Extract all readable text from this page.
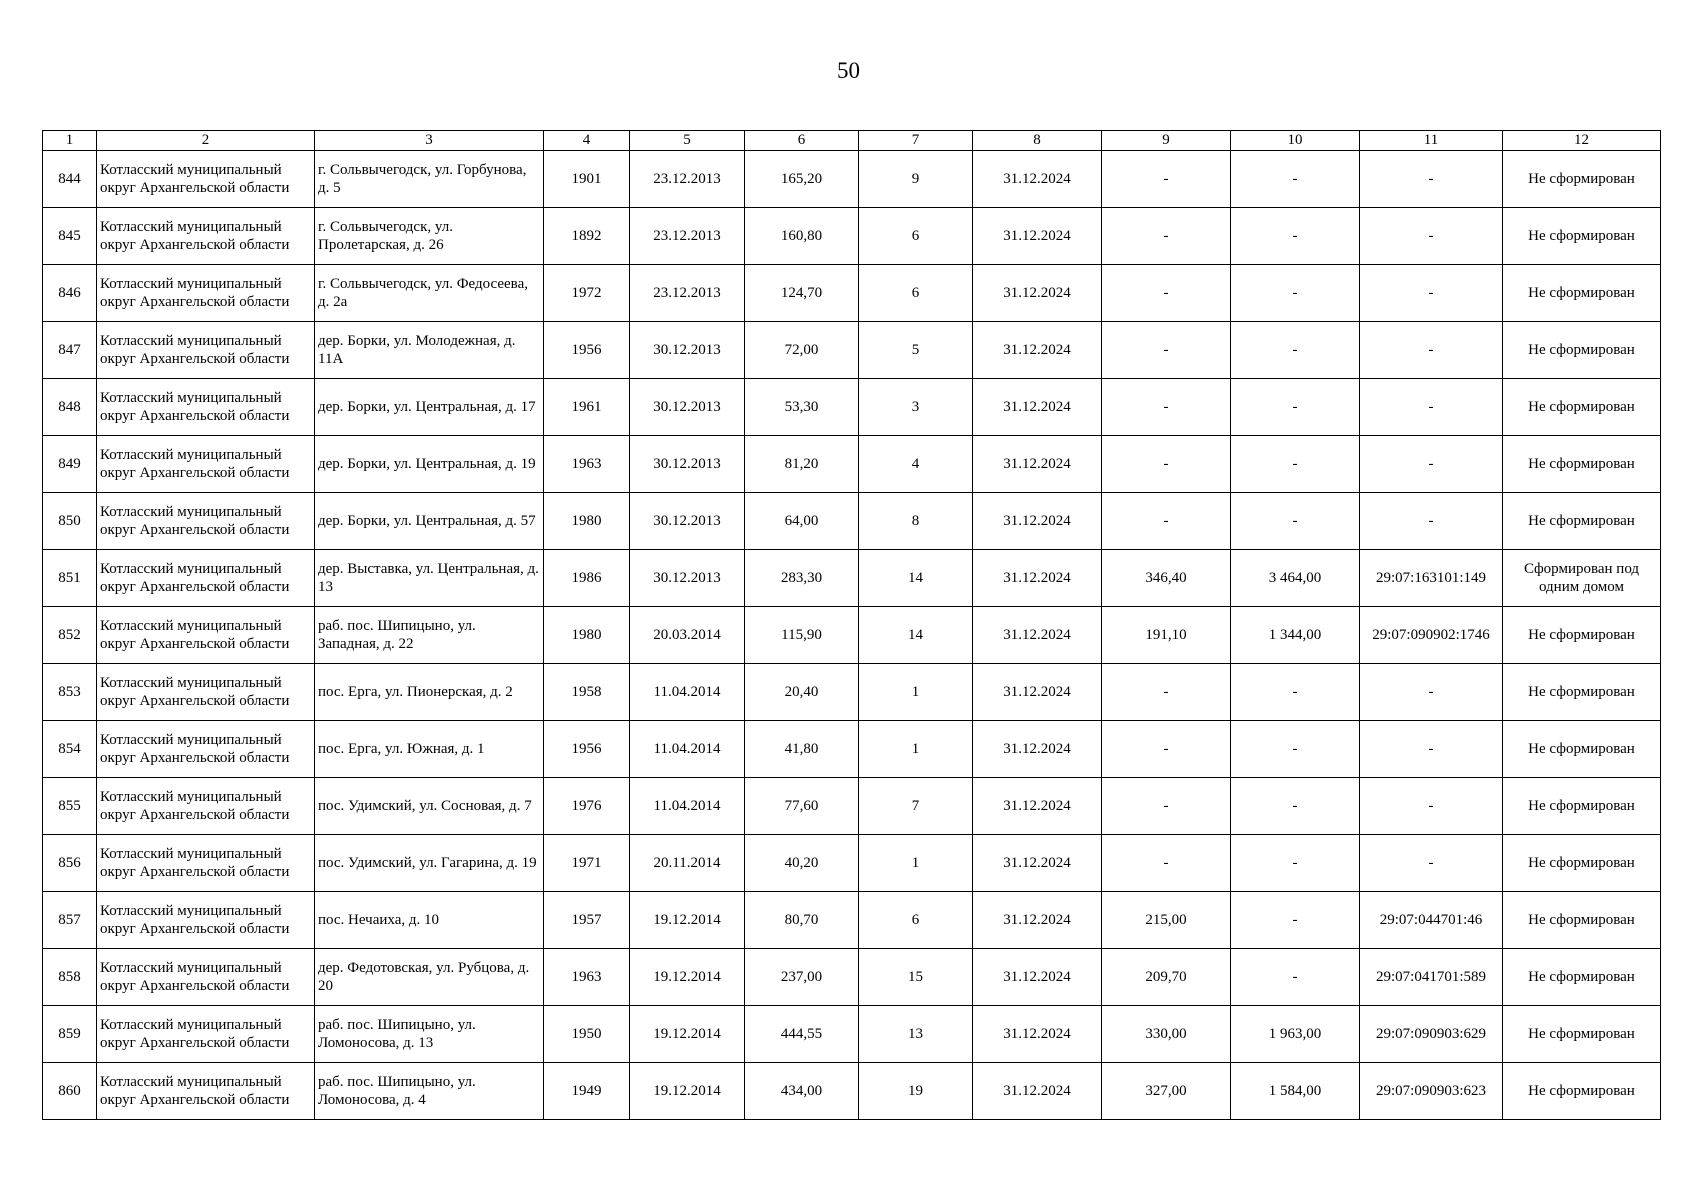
50
1	2	3	4	5	6	7	8	9	10	11	12
844	Котласский муниципальный округ Архангельской области	г. Сольвычегодск, ул. Горбунова, д. 5	1901	23.12.2013	165,20	9	31.12.2024	-	-	-	Не сформирован
845	Котласский муниципальный округ Архангельской области	г. Сольвычегодск, ул. Пролетарская, д. 26	1892	23.12.2013	160,80	6	31.12.2024	-	-	-	Не сформирован
846	Котласский муниципальный округ Архангельской области	г. Сольвычегодск, ул. Федосеева, д. 2а	1972	23.12.2013	124,70	6	31.12.2024	-	-	-	Не сформирован
847	Котласский муниципальный округ Архангельской области	дер. Борки, ул. Молодежная, д. 11А	1956	30.12.2013	72,00	5	31.12.2024	-	-	-	Не сформирован
848	Котласский муниципальный округ Архангельской области	дер. Борки, ул. Центральная, д. 17	1961	30.12.2013	53,30	3	31.12.2024	-	-	-	Не сформирован
849	Котласский муниципальный округ Архангельской области	дер. Борки, ул. Центральная, д. 19	1963	30.12.2013	81,20	4	31.12.2024	-	-	-	Не сформирован
850	Котласский муниципальный округ Архангельской области	дер. Борки, ул. Центральная, д. 57	1980	30.12.2013	64,00	8	31.12.2024	-	-	-	Не сформирован
851	Котласский муниципальный округ Архангельской области	дер. Выставка, ул. Центральная, д. 13	1986	30.12.2013	283,30	14	31.12.2024	346,40	3 464,00	29:07:163101:149	Сформирован под одним домом
852	Котласский муниципальный округ Архангельской области	раб. пос. Шипицыно, ул. Западная, д. 22	1980	20.03.2014	115,90	14	31.12.2024	191,10	1 344,00	29:07:090902:1746	Не сформирован
853	Котласский муниципальный округ Архангельской области	пос. Ерга, ул. Пионерская, д. 2	1958	11.04.2014	20,40	1	31.12.2024	-	-	-	Не сформирован
854	Котласский муниципальный округ Архангельской области	пос. Ерга, ул. Южная, д. 1	1956	11.04.2014	41,80	1	31.12.2024	-	-	-	Не сформирован
855	Котласский муниципальный округ Архангельской области	пос. Удимский, ул. Сосновая, д. 7	1976	11.04.2014	77,60	7	31.12.2024	-	-	-	Не сформирован
856	Котласский муниципальный округ Архангельской области	пос. Удимский, ул. Гагарина, д. 19	1971	20.11.2014	40,20	1	31.12.2024	-	-	-	Не сформирован
857	Котласский муниципальный округ Архангельской области	пос. Нечаиха, д. 10	1957	19.12.2014	80,70	6	31.12.2024	215,00	-	29:07:044701:46	Не сформирован
858	Котласский муниципальный округ Архангельской области	дер. Федотовская, ул. Рубцова, д. 20	1963	19.12.2014	237,00	15	31.12.2024	209,70	-	29:07:041701:589	Не сформирован
859	Котласский муниципальный округ Архангельской области	раб. пос. Шипицыно, ул. Ломоносова, д. 13	1950	19.12.2014	444,55	13	31.12.2024	330,00	1 963,00	29:07:090903:629	Не сформирован
860	Котласский муниципальный округ Архангельской области	раб. пос. Шипицыно, ул. Ломоносова, д. 4	1949	19.12.2014	434,00	19	31.12.2024	327,00	1 584,00	29:07:090903:623	Не сформирован
